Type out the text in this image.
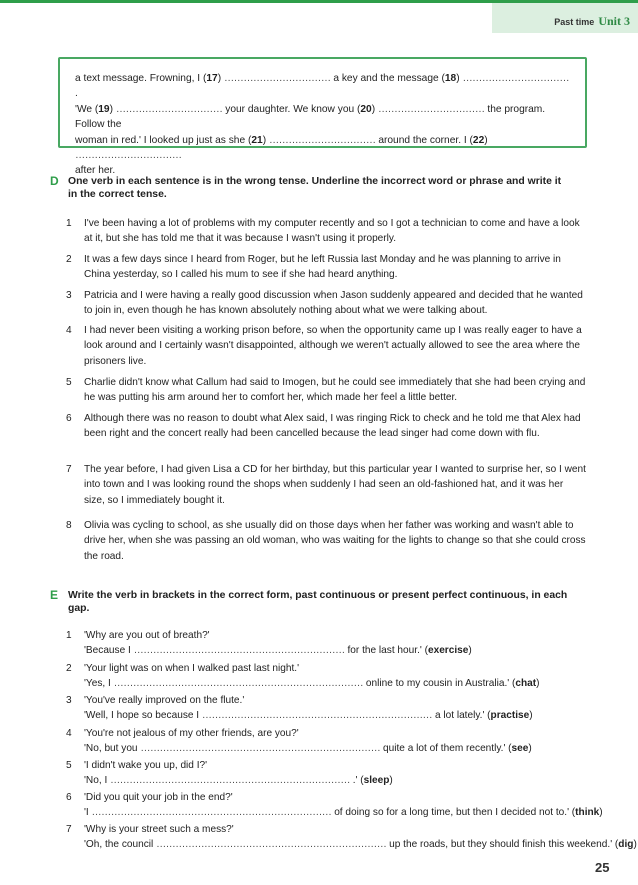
Past time Unit 3
a text message. Frowning, I (17) …………………………… a key and the message (18) …………………………… .
'We (19) …………………………… your daughter. We know you (20) …………………………… the program. Follow the
woman in red.' I looked up just as she (21) …………………………… around the corner. I (22) ……………………………
after her.
D One verb in each sentence is in the wrong tense. Underline the incorrect word or phrase and write it in the correct tense.
1	I've been having a lot of problems with my computer recently and so I got a technician to come and have a look at it, but she has told me that it was because I wasn't using it properly.
2	It was a few days since I heard from Roger, but he left Russia last Monday and he was planning to arrive in China yesterday, so I called his mum to see if she had heard anything.
3	Patricia and I were having a really good discussion when Jason suddenly appeared and decided that he wanted to join in, even though he has known absolutely nothing about what we were talking about.
4	I had never been visiting a working prison before, so when the opportunity came up I was really eager to have a look around and I certainly wasn't disappointed, although we weren't actually allowed to see the area where the prisoners live.
5	Charlie didn't know what Callum had said to Imogen, but he could see immediately that she had been crying and he was putting his arm around her to comfort her, which made her feel a little better.
6	Although there was no reason to doubt what Alex said, I was ringing Rick to check and he told me that Alex had been right and the concert really had been cancelled because the lead singer had come down with flu.
7	The year before, I had given Lisa a CD for her birthday, but this particular year I wanted to surprise her, so I went into town and I was looking round the shops when suddenly I had seen an old-fashioned hat, and it was her size, so I immediately bought it.
8	Olivia was cycling to school, as she usually did on those days when her father was working and wasn't able to drive her, when she was passing an old woman, who was waiting for the lights to change so that she could cross the road.
E Write the verb in brackets in the correct form, past continuous or present perfect continuous, in each gap.
1	'Why are you out of breath?'
'Because I ………………………………………………………… for the last hour.' (exercise)
2	'Your light was on when I walked past last night.'
'Yes, I …………………………………………………………………… online to my cousin in Australia.' (chat)
3	'You've really improved on the flute.'
'Well, I hope so because I ……………………………………………………………… a lot lately.' (practise)
4	'You're not jealous of my other friends, are you?'
'No, but you ………………………………………………………………… quite a lot of them recently.' (see)
5	'I didn't wake you up, did I?'
'No, I ………………………………………………………………… .' (sleep)
6	'Did you quit your job in the end?'
'I ………………………………………………………………… of doing so for a long time, but then I decided not to.' (think)
7	'Why is your street such a mess?'
'Oh, the council ……………………………………………………………… up the roads, but they should finish this weekend.' (dig)
25
